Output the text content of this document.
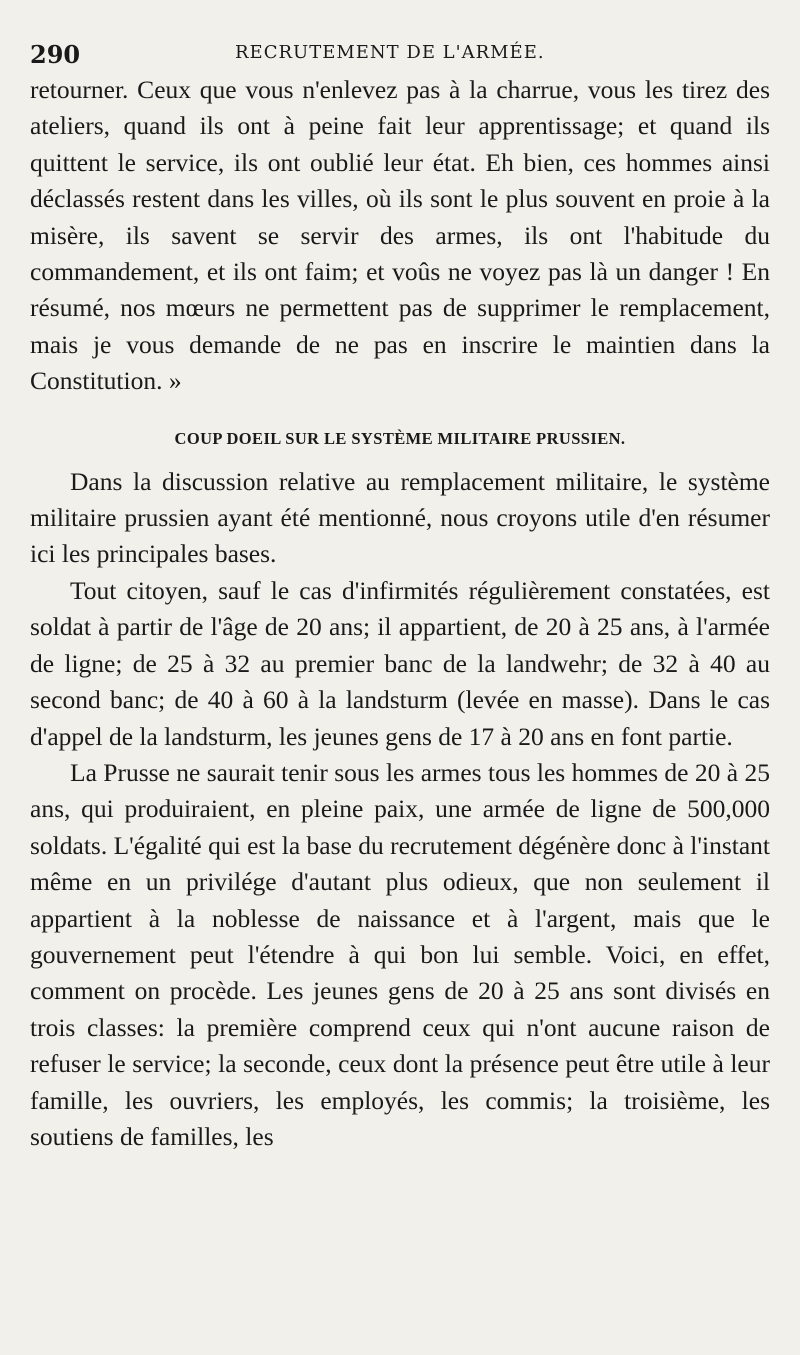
290	RECRUTEMENT DE L'ARMÉE.

retourner. Ceux que vous n'enlevez pas à la charrue, vous les tirez des ateliers, quand ils ont à peine fait leur apprentissage; et quand ils quittent le service, ils ont oublié leur état. Eh bien, ces hommes ainsi déclassés restent dans les villes, où ils sont le plus souvent en proie à la misère, ils savent se servir des armes, ils ont l'habitude du commandement, et ils ont faim; et voûs ne voyez pas là un danger ! En résumé, nos mœurs ne permettent pas de supprimer le remplacement, mais je vous demande de ne pas en inscrire le maintien dans la Constitution. »

COUP DOEIL SUR LE SYSTÈME MILITAIRE PRUSSIEN.

Dans la discussion relative au remplacement militaire, le système militaire prussien ayant été mentionné, nous croyons utile d'en résumer ici les principales bases.

Tout citoyen, sauf le cas d'infirmités régulièrement constatées, est soldat à partir de l'âge de 20 ans; il appartient, de 20 à 25 ans, à l'armée de ligne; de 25 à 32 au premier banc de la landwehr; de 32 à 40 au second banc; de 40 à 60 à la landsturm (levée en masse). Dans le cas d'appel de la landsturm, les jeunes gens de 17 à 20 ans en font partie.

La Prusse ne saurait tenir sous les armes tous les hommes de 20 à 25 ans, qui produiraient, en pleine paix, une armée de ligne de 500,000 soldats. L'égalité qui est la base du recrutement dégénère donc à l'instant même en un privilége d'autant plus odieux, que non seulement il appartient à la noblesse de naissance et à l'argent, mais que le gouvernement peut l'étendre à qui bon lui semble. Voici, en effet, comment on procède. Les jeunes gens de 20 à 25 ans sont divisés en trois classes: la première comprend ceux qui n'ont aucune raison de refuser le service; la seconde, ceux dont la présence peut être utile à leur famille, les ouvriers, les employés, les commis; la troisième, les soutiens de familles, les
